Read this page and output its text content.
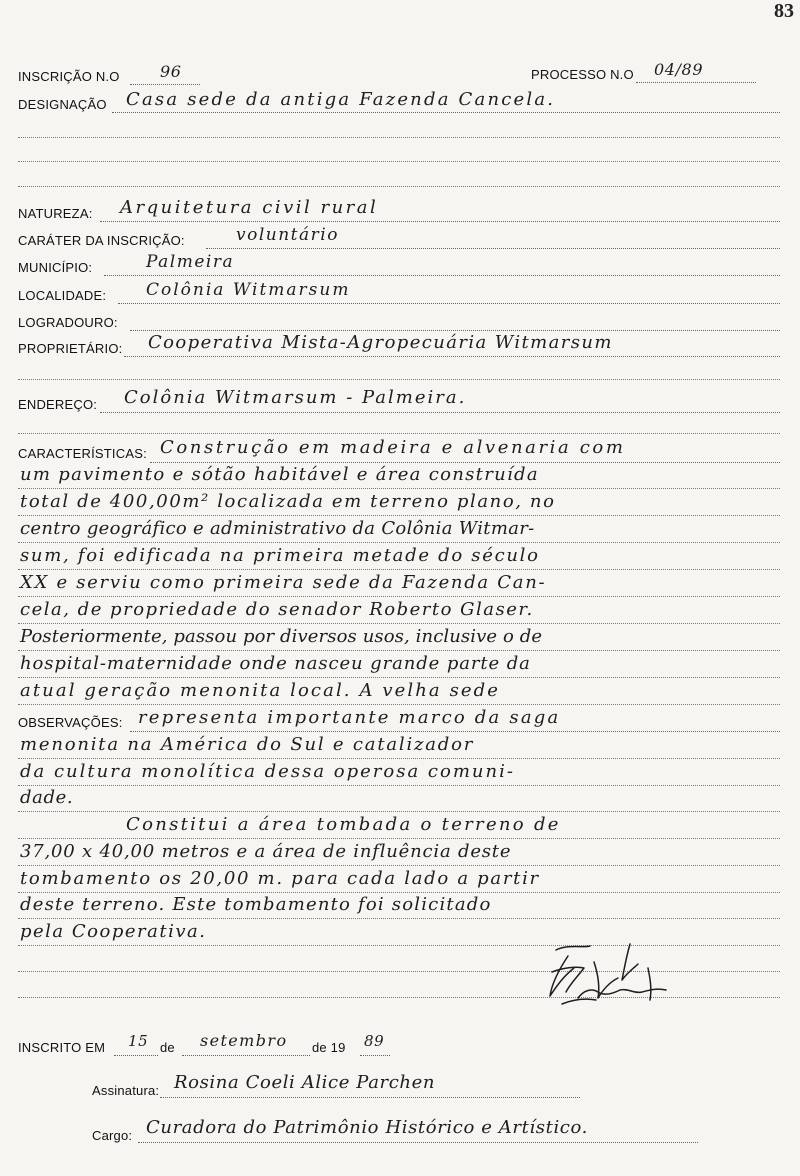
83
INSCRIÇÃO N.O	96	PROCESSO N.O 04/89
DESIGNAÇÃO Casa sede da antiga Fazenda Cancela.
NATUREZA: Arquitetura civil rural
CARÁTER DA INSCRIÇÃO:	voluntário
MUNICÍPIO:	Palmeira
LOCALIDADE: Colônia Witmarsum
LOGRADOURO:
PROPRIETÁRIO: Cooperativa Mista-Agropecuária Witmarsum
ENDEREÇO: Colônia Witmarsum - Palmeira.
CARACTERÍSTICAS: Construção em madeira e alvenaria com
um pavimento e sótão habitável e área construída
total de 400,00m² localizada em terreno plano, no
centro geográfico e administrativo da Colônia Witmar-
sum, foi edificada na primeira metade do século
XX e serviu como primeira sede da Fazenda Can-
cela, de propriedade do senador Roberto Glaser.
Posteriormente, passou por diversos usos, inclusive o de
hospital-maternidade onde nasceu grande parte da
atual geração menonita local. A velha sede
OBSERVAÇÕES: representa importante marco da saga
menonita na América do Sul e catalizador
da cultura monolítica dessa operosa comuni-
dade.
Constitui a área tombada o terreno de
37,00 x 40,00 metros e a área de influência deste
tombamento os 20,00 m. para cada lado a partir
deste terreno. Este tombamento foi solicitado
pela Cooperativa.
INSCRITO EM 15 de setembro de 19 89
Assinatura: Rosina Coeli Alice Parchen
Cargo: Curadora do Patrimônio Histórico e Artístico.
